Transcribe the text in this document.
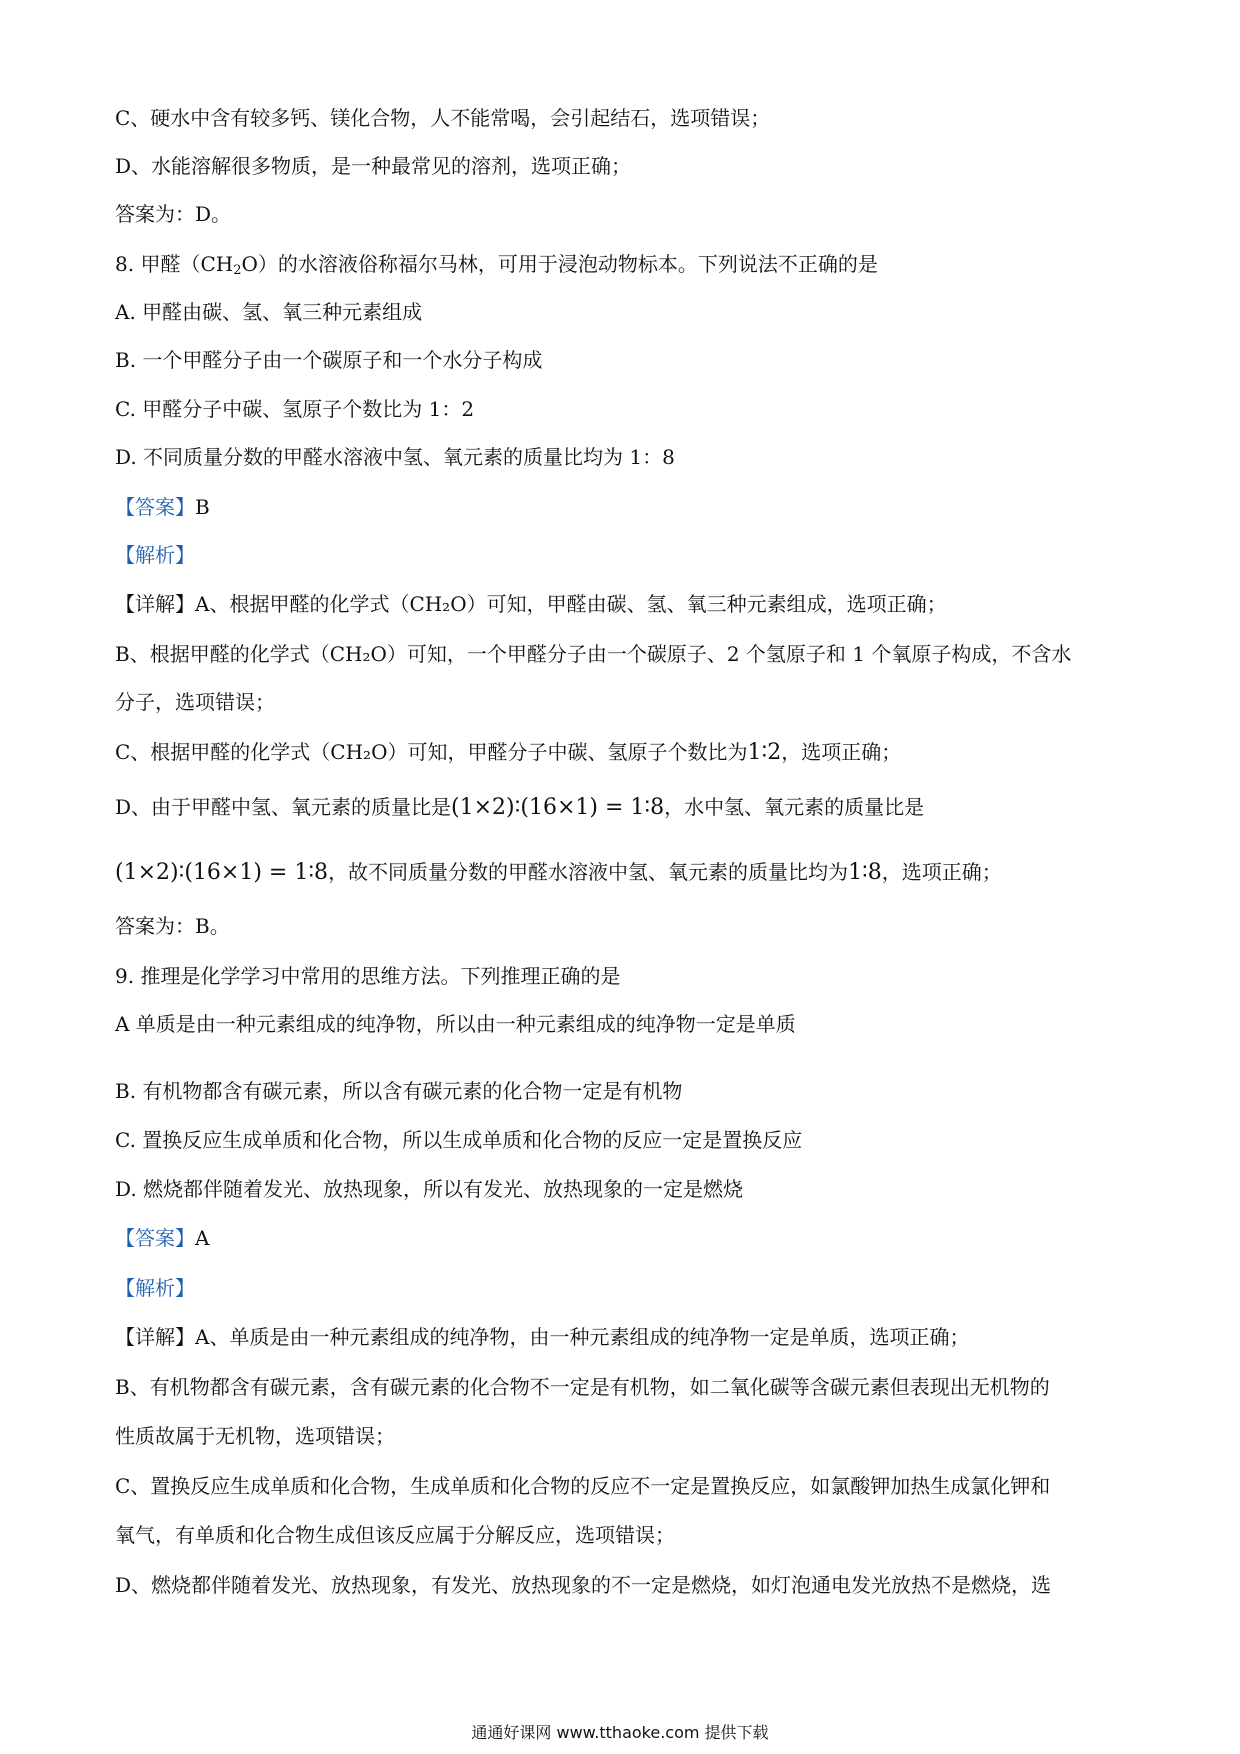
C、硬水中含有较多钙、镁化合物，人不能常喝，会引起结石，选项错误；
D、水能溶解很多物质，是一种最常见的溶剂，选项正确；
答案为：D。
8. 甲醛$(CH_2O)$的水溶液俗称福尔马林，可用于浸泡动物标本。下列说法不正确的是
A. 甲醛由碳、氢、氧三种元素组成
B. 一个甲醛分子由一个碳原子和一个水分子构成
C. 甲醛分子中碳、氢原子个数比为 1：2
D. 不同质量分数的甲醛水溶液中氢、氧元素的质量比均为 1：8
【答案】B
【解析】
【详解】A、根据甲醛的化学式（CH₂O）可知，甲醛由碳、氢、氧三种元素组成，选项正确；
B、根据甲醛的化学式（CH₂O）可知，一个甲醛分子由一个碳原子、2 个氢原子和 1 个氧原子构成，不含水
分子，选项错误；
C、根据甲醛的化学式（CH₂O）可知，甲醛分子中碳、氢原子个数比为1∶2，选项正确；
D、由于甲醛中氢、氧元素的质量比是(1×2)∶(16×1) = 1∶8，水中氢、氧元素的质量比是
(1×2)∶(16×1) = 1∶8，故不同质量分数的甲醛水溶液中氢、氧元素的质量比均为1∶8，选项正确；
答案为：B。
9. 推理是化学学习中常用的思维方法。下列推理正确的是
A 单质是由一种元素组成的纯净物，所以由一种元素组成的纯净物一定是单质
B. 有机物都含有碳元素，所以含有碳元素的化合物一定是有机物
C. 置换反应生成单质和化合物，所以生成单质和化合物的反应一定是置换反应
D. 燃烧都伴随着发光、放热现象，所以有发光、放热现象的一定是燃烧
【答案】A
【解析】
【详解】A、单质是由一种元素组成的纯净物，由一种元素组成的纯净物一定是单质，选项正确；
B、有机物都含有碳元素，含有碳元素的化合物不一定是有机物，如二氧化碳等含碳元素但表现出无机物的
性质故属于无机物，选项错误；
C、置换反应生成单质和化合物，生成单质和化合物的反应不一定是置换反应，如氯酸钾加热生成氯化钾和
氧气，有单质和化合物生成但该反应属于分解反应，选项错误；
D、燃烧都伴随着发光、放热现象，有发光、放热现象的不一定是燃烧，如灯泡通电发光放热不是燃烧，选
通通好课网 www.tthaoke.com 提供下载
